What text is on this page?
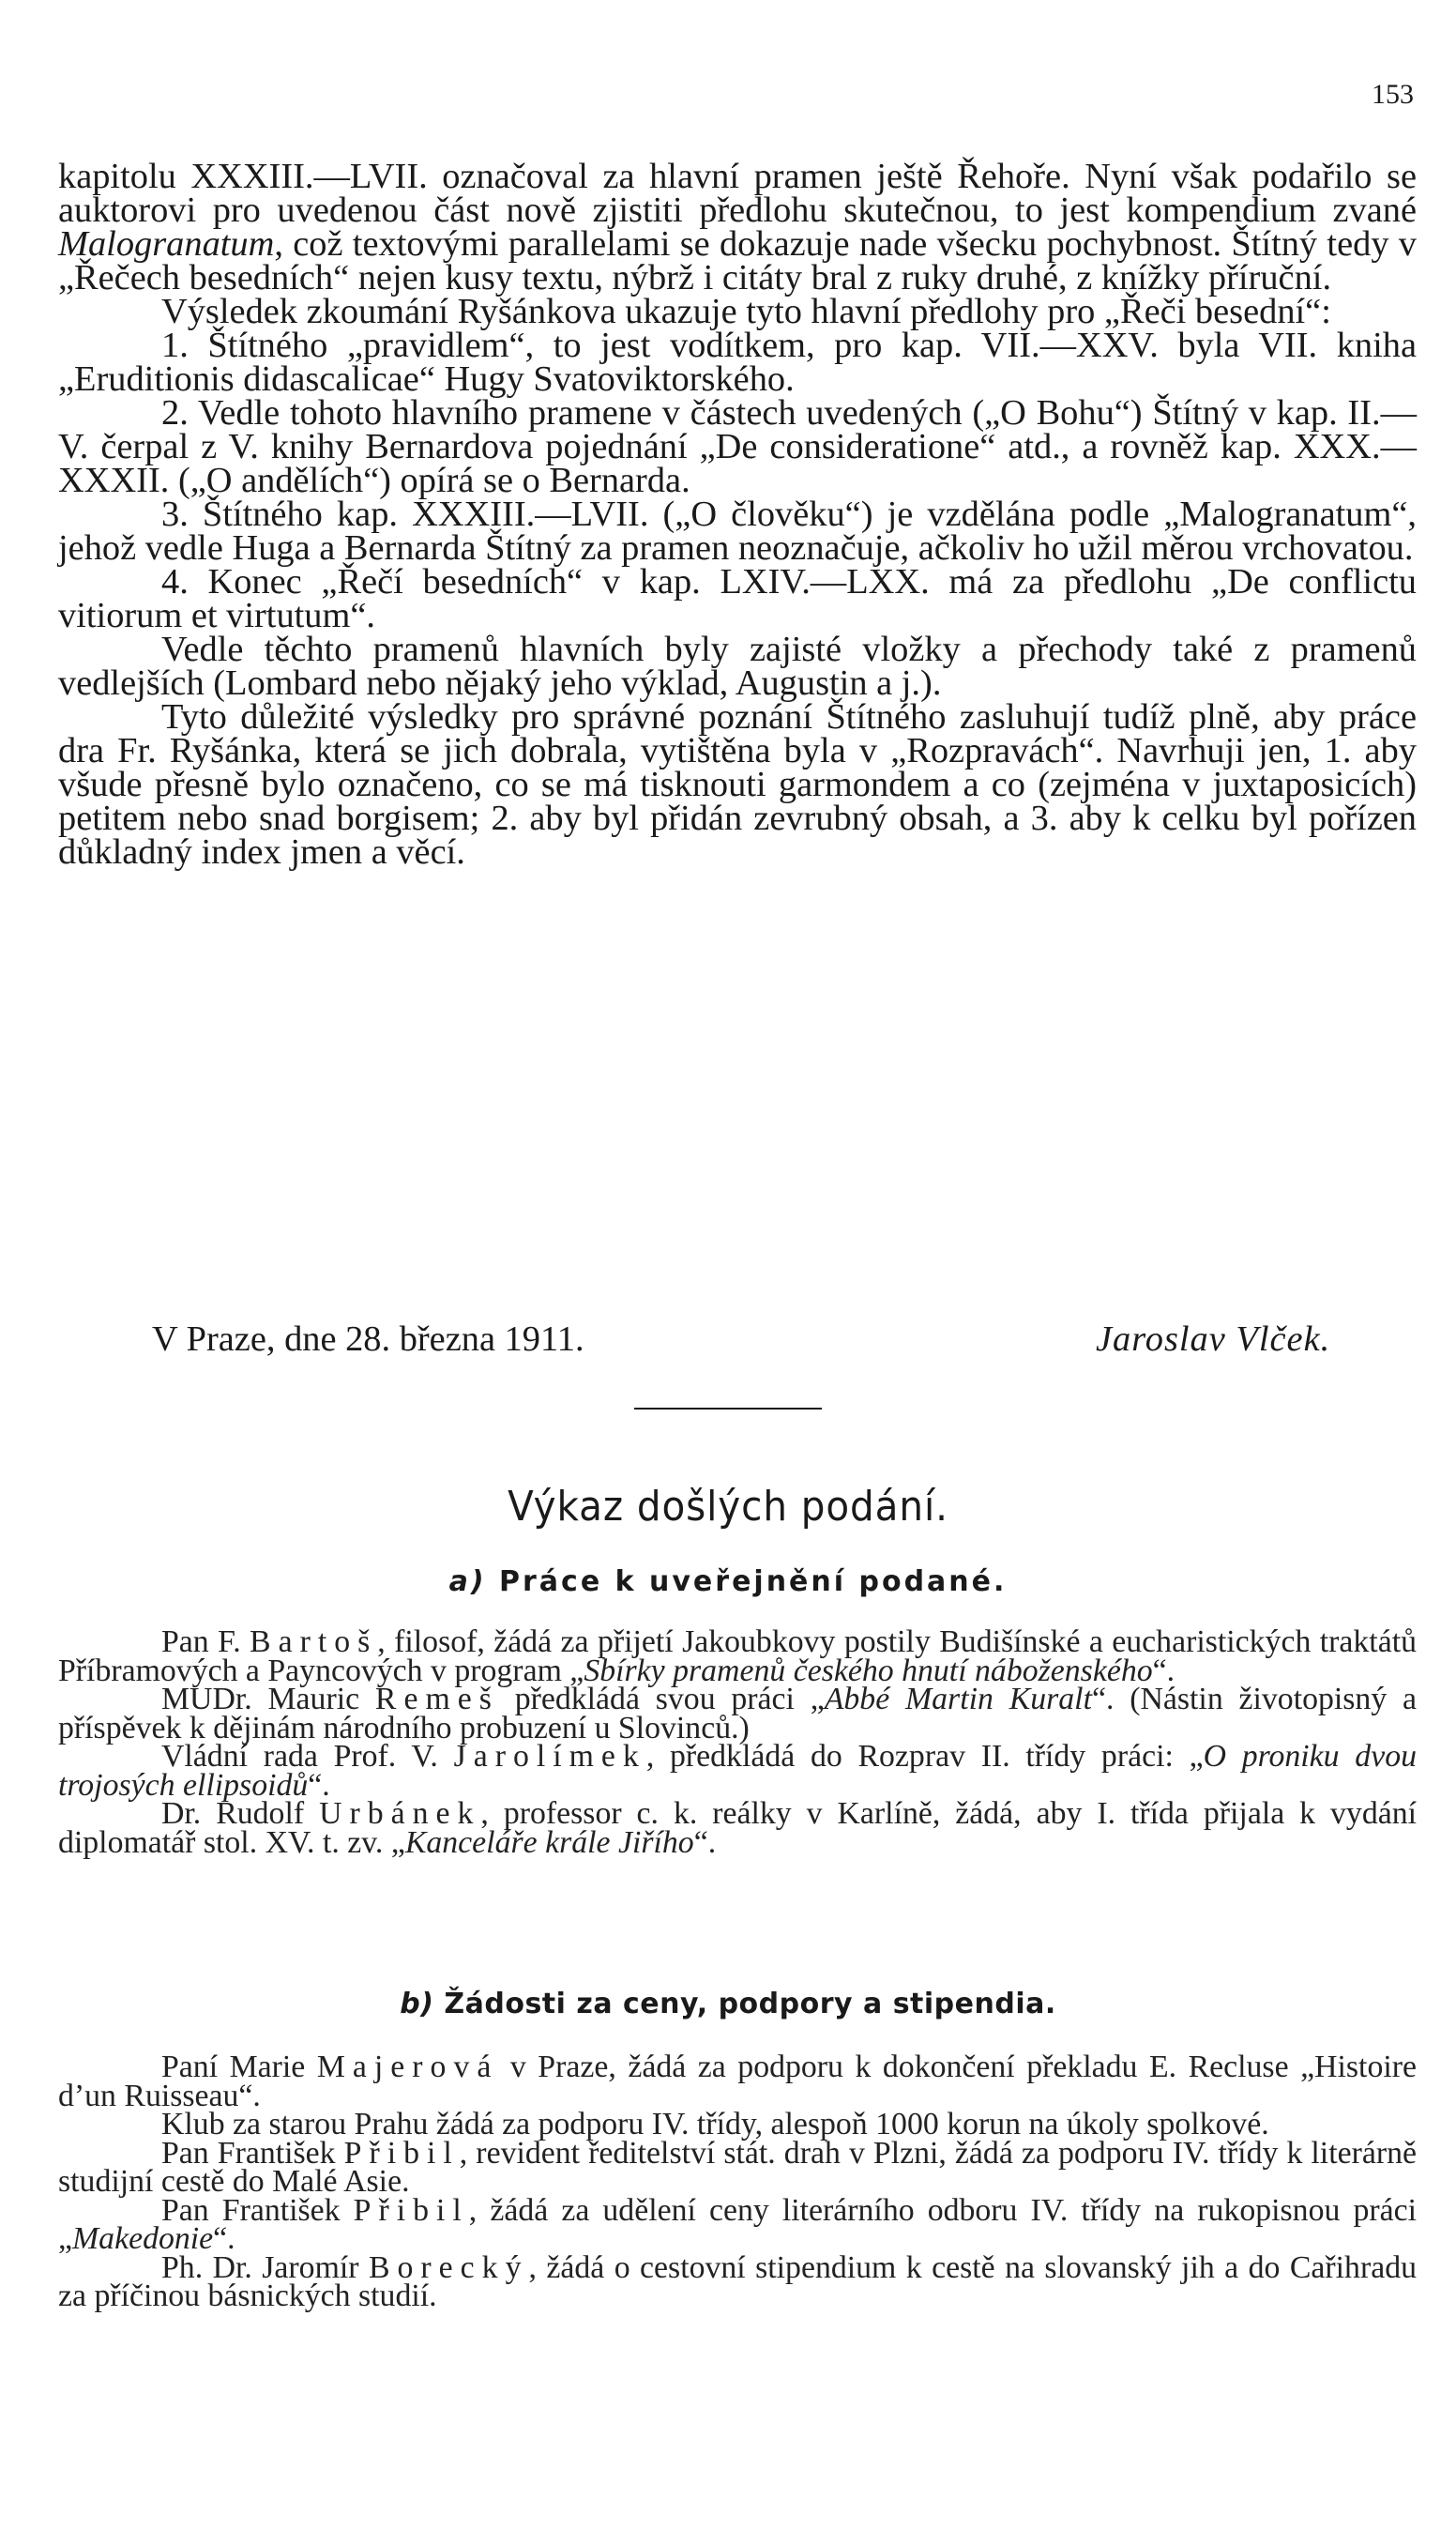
153

kapitolu XXXIII.—LVII. označoval za hlavní pramen ještě Řehoře. Nyní však podařilo se auktorovi pro uvedenou část nově zjistiti předlohu skutečnou, to jest kompendium zvané Malogranatum, což textovými parallelami se dokazuje nade všecku pochybnost. Štítný tedy v „Řečech besedních“ nejen kusy textu, nýbrž i citáty bral z ruky druhé, z knížky příruční.

Výsledek zkoumání Ryšánkova ukazuje tyto hlavní předlohy pro „Řeči besední“:

1. Štítného „pravidlem“, to jest vodítkem, pro kap. VII.—XXV. byla VII. kniha „Eruditionis didascalicae“ Hugy Svatoviktorského.

2. Vedle tohoto hlavního pramene v částech uvedených („O Bohu“) Štítný v kap. II.—V. čerpal z V. knihy Bernardova pojednání „De consideratione“ atd., a rovněž kap. XXX.—XXXII. („O andělích“) opírá se o Bernarda.

3. Štítného kap. XXXIII.—LVII. („O člověku“) je vzdělána podle „Malogranatum“, jehož vedle Huga a Bernarda Štítný za pramen neoznačuje, ačkoliv ho užil měrou vrchovatou.

4. Konec „Řečí besedních“ v kap. LXIV.—LXX. má za předlohu „De conflictu vitiorum et virtutum“.

Vedle těchto pramenů hlavních byly zajisté vložky a přechody také z pramenů vedlejších (Lombard nebo nějaký jeho výklad, Augustin a j.).

Tyto důležité výsledky pro správné poznání Štítného zasluhují tudíž plně, aby práce dra Fr. Ryšánka, která se jich dobrala, vytištěna byla v „Rozpravách“. Navrhuji jen, 1. aby všude přesně bylo označeno, co se má tisknouti garmondem a co (zejména v juxtaposicích) petitem nebo snad borgisem; 2. aby byl přidán zevrubný obsah, a 3. aby k celku byl pořízen důkladný index jmen a věcí.

V Praze, dne 28. března 1911.	Jaroslav Vlček.
Výkaz došlých podání.
a) Práce k uveřejnění podané.

Pan F. Bartoš, filosof, žádá za přijetí Jakoubkovy postily Budišínské a eucharistických traktátů Příbramových a Payncových v program „Sbírky pramenů českého hnutí náboženského“.

MUDr. Mauric Remeš předkládá svou práci „Abbé Martin Kuralt“. (Nástin životopisný a příspěvek k dějinám národního probuzení u Slovinců.)

Vládní rada Prof. V. Jarolímek, předkládá do Rozprav II. třídy práci: „O proniku dvou trojosých ellipsoidů“.

Dr. Rudolf Urbánek, professor c. k. reálky v Karlíně, žádá, aby I. třída přijala k vydání diplomatář stol. XV. t. zv. „Kanceláře krále Jiřího“.

b) Žádosti za ceny, podpory a stipendia.

Paní Marie Majerová v Praze, žádá za podporu k dokončení překladu E. Recluse „Histoire d’un Ruisseau“.

Klub za starou Prahu žádá za podporu IV. třídy, alespoň 1000 korun na úkoly spolkové.

Pan František Přibil, revident ředitelství stát. drah v Plzni, žádá za podporu IV. třídy k literárně studijní cestě do Malé Asie.

Pan František Přibil, žádá za udělení ceny literárního odboru IV. třídy na rukopisnou práci „Makedonie“.

Ph. Dr. Jaromír Borecký, žádá o cestovní stipendium k cestě na slovanský jih a do Cařihradu za příčinou básnických studií.
